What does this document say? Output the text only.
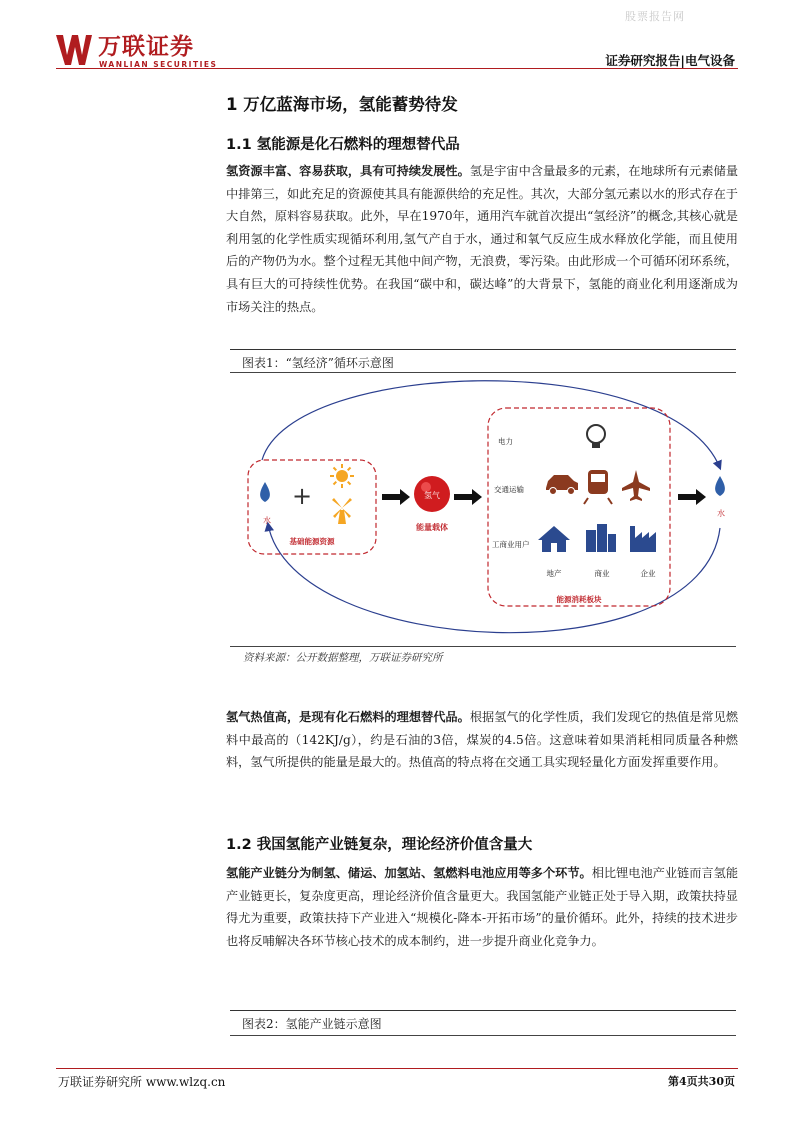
股票报告网
万联证券
WANLIAN SECURITIES	证券研究报告|电气设备
1 万亿蓝海市场，氢能蓄势待发
1.1 氢能源是化石燃料的理想替代品
氢资源丰富、容易获取，具有可持续发展性。氢是宇宙中含量最多的元素，在地球所有元素储量中排第三，如此充足的资源使其具有能源供给的充足性。其次，大部分氢元素以水的形式存在于大自然，原料容易获取。此外，早在1970年，通用汽车就首次提出“氢经济”的概念,其核心就是利用氢的化学性质实现循环利用,氢气产自于水，通过和氧气反应生成水释放化学能，而且使用后的产物仍为水。整个过程无其他中间产物，无浪费，零污染。由此形成一个可循环闭环系统，具有巨大的可持续性优势。在我国“碳中和，碳达峰”的大背景下，氢能的商业化利用逐渐成为市场关注的热点。
图表1：“氢经济”循环示意图
水
+
基础能源资源
氢气
能量载体
电力
交通运输
工商业用户
地产	商业	企业
能源消耗板块
水
资料来源：公开数据整理，万联证券研究所
氢气热值高，是现有化石燃料的理想替代品。根据氢气的化学性质，我们发现它的热值是常见燃料中最高的（142KJ/g），约是石油的3倍，煤炭的4.5倍。这意味着如果消耗相同质量各种燃料，氢气所提供的能量是最大的。热值高的特点将在交通工具实现轻量化方面发挥重要作用。
1.2 我国氢能产业链复杂，理论经济价值含量大
氢能产业链分为制氢、储运、加氢站、氢燃料电池应用等多个环节。相比锂电池产业链而言氢能产业链更长，复杂度更高，理论经济价值含量更大。我国氢能产业链正处于导入期，政策扶持显得尤为重要，政策扶持下产业进入“规模化-降本-开拓市场”的量价循环。此外，持续的技术进步也将反哺解决各环节核心技术的成本制约，进一步提升商业化竞争力。
图表2：氢能产业链示意图
万联证券研究所 www.wlzq.cn	第4页共30页
